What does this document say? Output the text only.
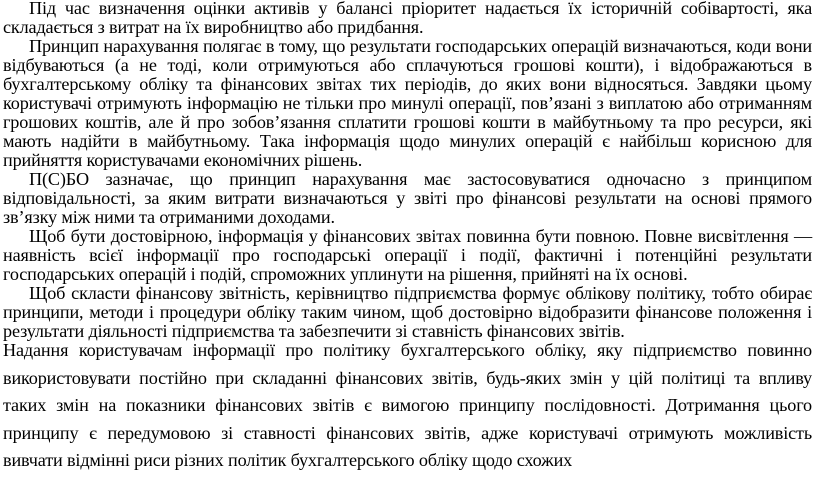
Під час визначення оцінки активів у балансі пріоритет надається їх історичній собівартості, яка складається з витрат на їх виробництво або придбання.

Принцип нарахування полягає в тому, що результати господарських операцій визначаються, коди вони відбуваються (а не тоді, коли отримуються або сплачуються грошові кошти), і відображаються в бухгалтерському обліку та фінансових звітах тих періодів, до яких вони відносяться. Завдяки цьому користувачі отримують інформацію не тільки про минулі операції, пов’язані з виплатою або отриманням грошових коштів, але й про зобов’язання сплатити грошові кошти в майбутньому та про ресурси, які мають надійти в майбутньому. Така інформація щодо минулих операцій є найбільш корисною для прийняття користувачами економічних рішень.

П(С)БО зазначає, що принцип нарахування має застосовуватися одночасно з принципом відповідальності, за яким витрати визначаються у звіті про фінансові результати на основі прямого зв’язку між ними та отриманими доходами.

Щоб бути достовірною, інформація у фінансових звітах повинна бути повною. Повне висвітлення — наявність всієї інформації про господарські операції і події, фактичні і потенційні результати господарських операцій і подій, спроможних уплинути на рішення, прийняті на їх основі.

Щоб скласти фінансову звітність, керівництво підприємства формує облікову політику, тобто обирає принципи, методи і процедури обліку таким чином, щоб достовірно відобразити фінансове положення і результати діяльності підприємства та забезпечити зі ставність фінансових звітів.

Надання користувачам інформації про політику бухгалтерського обліку, яку підприємство повинно
використовувати постійно при складанні фінансових звітів, будь-яких змін у цій політиці та впливу
таких змін на показники фінансових звітів є вимогою принципу послідовності. Дотримання цього
принципу є передумовою зі ставності фінансових звітів, адже користувачі отримують можливість
вивчати відмінні риси різних політик бухгалтерського обліку щодо схожих
